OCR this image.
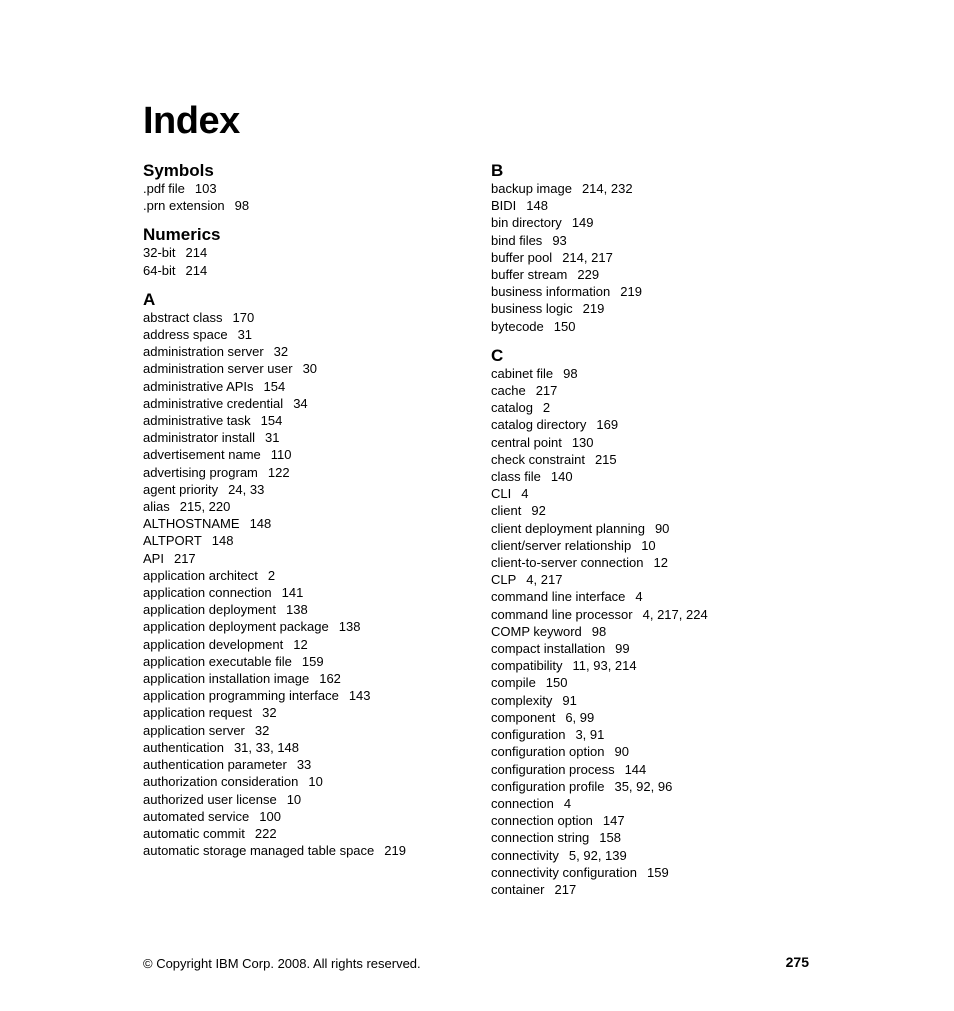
Index
Symbols
.pdf file 103
.prn extension 98
Numerics
32-bit 214
64-bit 214
A
abstract class 170
address space 31
administration server 32
administration server user 30
administrative APIs 154
administrative credential 34
administrative task 154
administrator install 31
advertisement name 110
advertising program 122
agent priority 24, 33
alias 215, 220
ALTHOSTNAME 148
ALTPORT 148
API 217
application architect 2
application connection 141
application deployment 138
application deployment package 138
application development 12
application executable file 159
application installation image 162
application programming interface 143
application request 32
application server 32
authentication 31, 33, 148
authentication parameter 33
authorization consideration 10
authorized user license 10
automated service 100
automatic commit 222
automatic storage managed table space 219
B
backup image 214, 232
BIDI 148
bin directory 149
bind files 93
buffer pool 214, 217
buffer stream 229
business information 219
business logic 219
bytecode 150
C
cabinet file 98
cache 217
catalog 2
catalog directory 169
central point 130
check constraint 215
class file 140
CLI 4
client 92
client deployment planning 90
client/server relationship 10
client-to-server connection 12
CLP 4, 217
command line interface 4
command line processor 4, 217, 224
COMP keyword 98
compact installation 99
compatibility 11, 93, 214
compile 150
complexity 91
component 6, 99
configuration 3, 91
configuration option 90
configuration process 144
configuration profile 35, 92, 96
connection 4
connection option 147
connection string 158
connectivity 5, 92, 139
connectivity configuration 159
container 217
© Copyright IBM Corp. 2008. All rights reserved.	275
